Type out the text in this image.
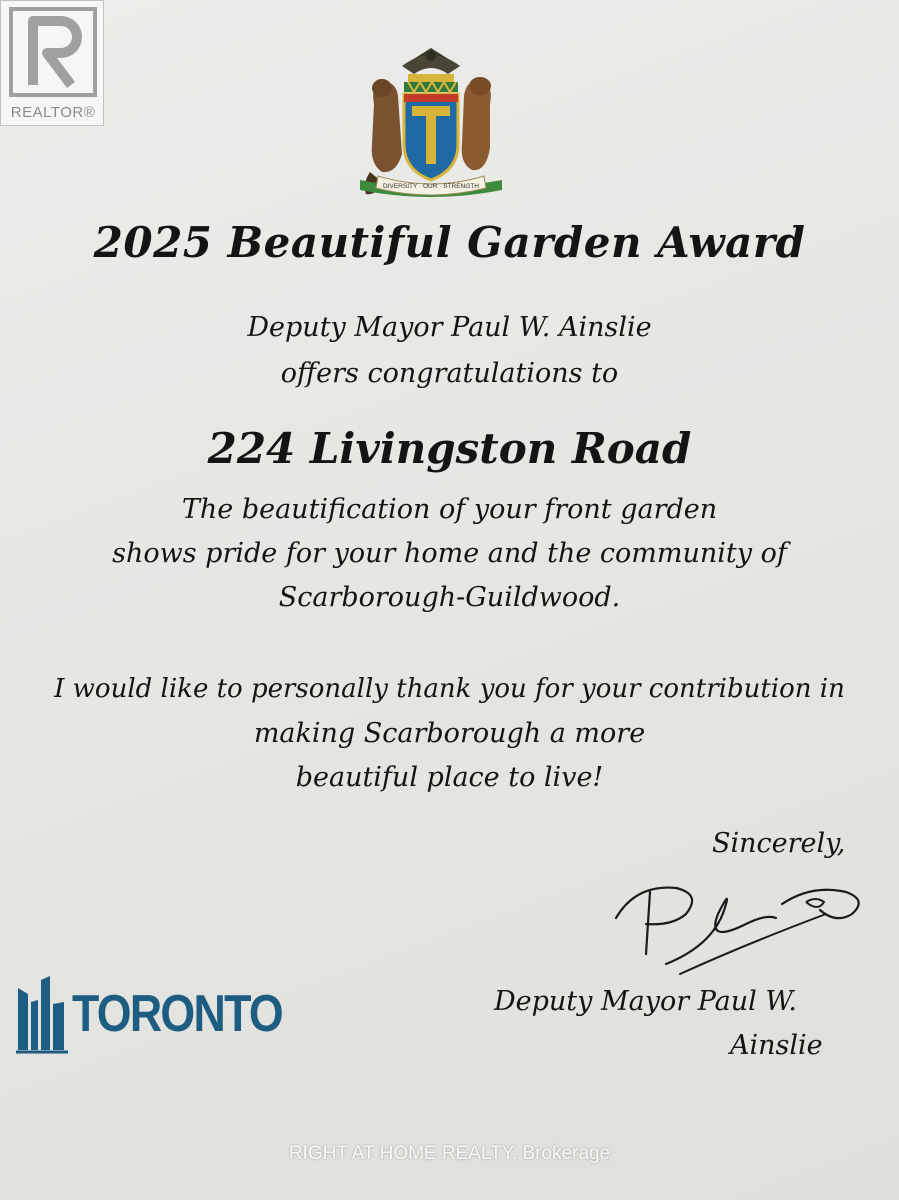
REALTOR®
DIVERSITY · OUR · STRENGTH
2025 Beautiful Garden Award
Deputy Mayor Paul W. Ainslie
offers congratulations to
224 Livingston Road
The beautification of your front garden
shows pride for your home and the community of
Scarborough-Guildwood.
I would like to personally thank you for your contribution in
making Scarborough a more
beautiful place to live!
Sincerely,
Deputy Mayor Paul W.
Ainslie
TORONTO
RIGHT AT HOME REALTY, Brokerage
